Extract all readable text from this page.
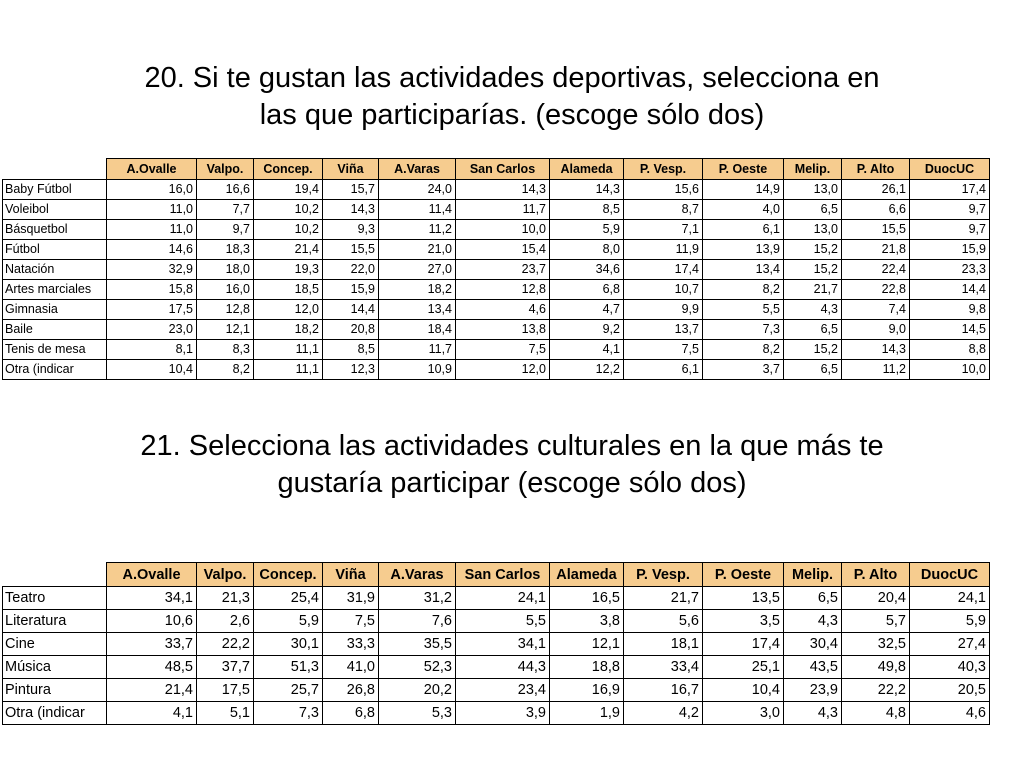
20. Si te gustan las actividades deportivas, selecciona en
las que participarías. (escoge sólo dos)
	A.Ovalle	Valpo.	Concep.	Viña	A.Varas	San Carlos	Alameda	P. Vesp.	P. Oeste	Melip.	P. Alto	DuocUC
Baby Fútbol	16,0	16,6	19,4	15,7	24,0	14,3	14,3	15,6	14,9	13,0	26,1	17,4
Voleibol	11,0	7,7	10,2	14,3	11,4	11,7	8,5	8,7	4,0	6,5	6,6	9,7
Básquetbol	11,0	9,7	10,2	9,3	11,2	10,0	5,9	7,1	6,1	13,0	15,5	9,7
Fútbol	14,6	18,3	21,4	15,5	21,0	15,4	8,0	11,9	13,9	15,2	21,8	15,9
Natación	32,9	18,0	19,3	22,0	27,0	23,7	34,6	17,4	13,4	15,2	22,4	23,3
Artes marciales	15,8	16,0	18,5	15,9	18,2	12,8	6,8	10,7	8,2	21,7	22,8	14,4
Gimnasia	17,5	12,8	12,0	14,4	13,4	4,6	4,7	9,9	5,5	4,3	7,4	9,8
Baile	23,0	12,1	18,2	20,8	18,4	13,8	9,2	13,7	7,3	6,5	9,0	14,5
Tenis de mesa	8,1	8,3	11,1	8,5	11,7	7,5	4,1	7,5	8,2	15,2	14,3	8,8
Otra (indicar	10,4	8,2	11,1	12,3	10,9	12,0	12,2	6,1	3,7	6,5	11,2	10,0
21. Selecciona las actividades culturales en la que más te
gustaría participar (escoge sólo dos)
	A.Ovalle	Valpo.	Concep.	Viña	A.Varas	San Carlos	Alameda	P. Vesp.	P. Oeste	Melip.	P. Alto	DuocUC
Teatro	34,1	21,3	25,4	31,9	31,2	24,1	16,5	21,7	13,5	6,5	20,4	24,1
Literatura	10,6	2,6	5,9	7,5	7,6	5,5	3,8	5,6	3,5	4,3	5,7	5,9
Cine	33,7	22,2	30,1	33,3	35,5	34,1	12,1	18,1	17,4	30,4	32,5	27,4
Música	48,5	37,7	51,3	41,0	52,3	44,3	18,8	33,4	25,1	43,5	49,8	40,3
Pintura	21,4	17,5	25,7	26,8	20,2	23,4	16,9	16,7	10,4	23,9	22,2	20,5
Otra (indicar	4,1	5,1	7,3	6,8	5,3	3,9	1,9	4,2	3,0	4,3	4,8	4,6
